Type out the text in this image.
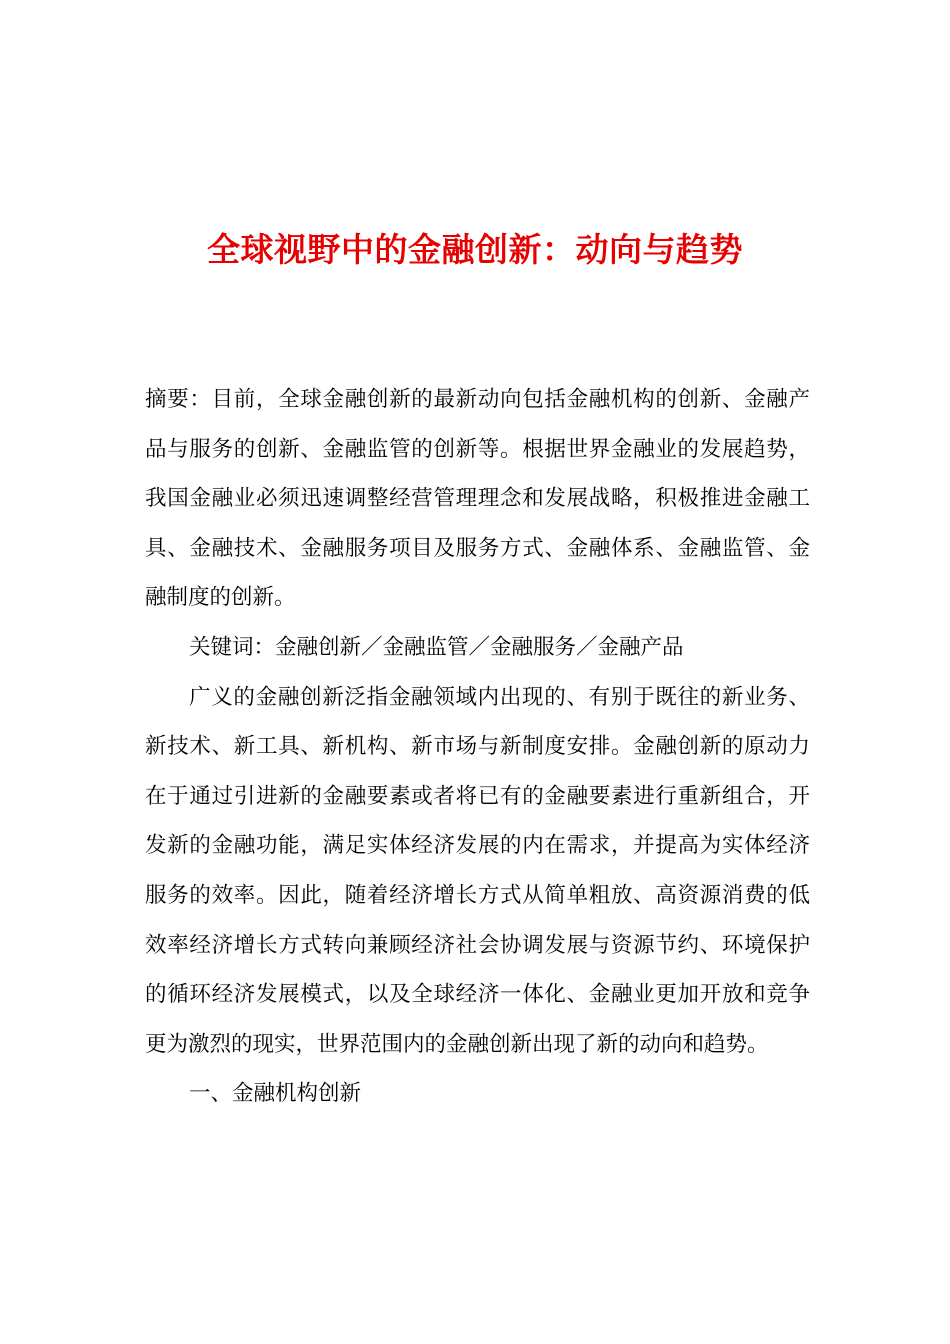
全球视野中的金融创新：动向与趋势

摘要：目前，全球金融创新的最新动向包括金融机构的创新、金融产品与服务的创新、金融监管的创新等。根据世界金融业的发展趋势，我国金融业必须迅速调整经营管理理念和发展战略，积极推进金融工具、金融技术、金融服务项目及服务方式、金融体系、金融监管、金融制度的创新。

关键词：金融创新／金融监管／金融服务／金融产品

广义的金融创新泛指金融领域内出现的、有别于既往的新业务、新技术、新工具、新机构、新市场与新制度安排。金融创新的原动力在于通过引进新的金融要素或者将已有的金融要素进行重新组合，开发新的金融功能，满足实体经济发展的内在需求，并提高为实体经济服务的效率。因此，随着经济增长方式从简单粗放、高资源消费的低效率经济增长方式转向兼顾经济社会协调发展与资源节约、环境保护的循环经济发展模式，以及全球经济一体化、金融业更加开放和竞争更为激烈的现实，世界范围内的金融创新出现了新的动向和趋势。

一、金融机构创新
